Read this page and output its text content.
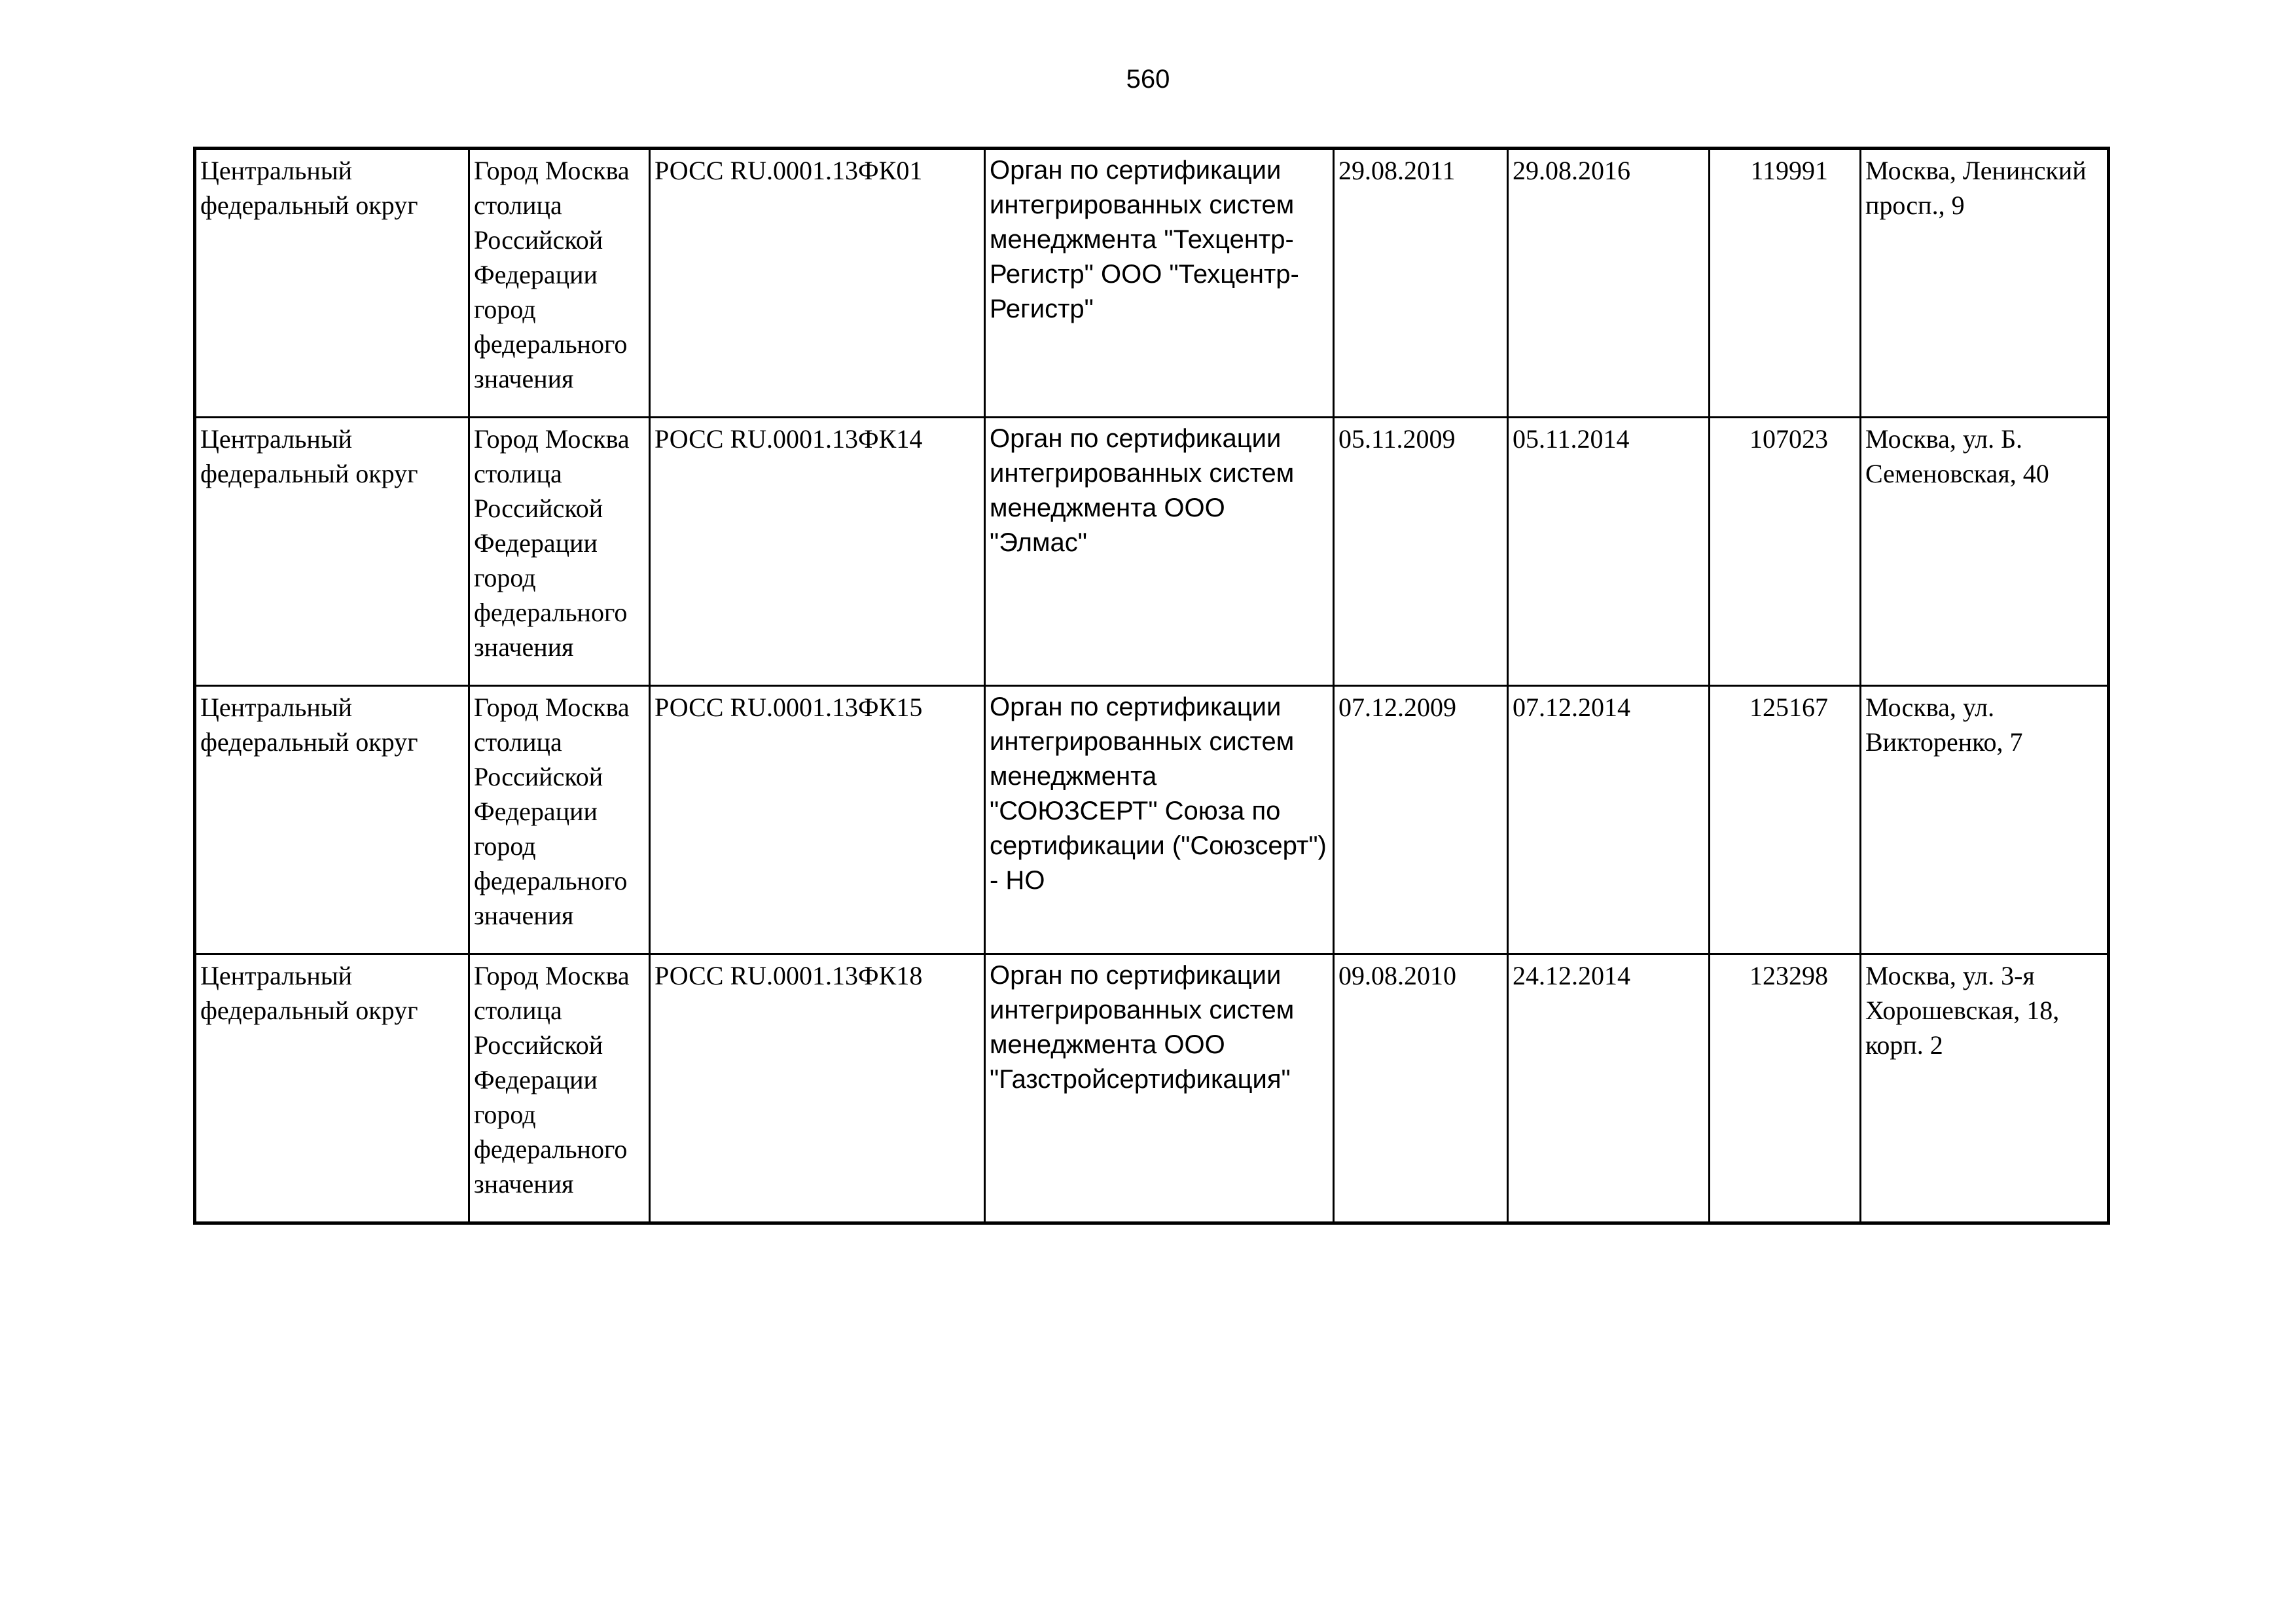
560
Центральный федеральный округ	Город Москва столица Российской Федерации город федерального значения	РОСС RU.0001.13ФК01	Орган по сертификации интегрированных систем менеджмента "Техцентр-Регистр" ООО "Техцентр-Регистр"	29.08.2011	29.08.2016	119991	Москва, Ленинский просп., 9

Центральный федеральный округ	Город Москва столица Российской Федерации город федерального значения	РОСС RU.0001.13ФК14	Орган по сертификации интегрированных систем менеджмента ООО "Элмас"	05.11.2009	05.11.2014	107023	Москва, ул. Б. Семеновская, 40

Центральный федеральный округ	Город Москва столица Российской Федерации город федерального значения	РОСС RU.0001.13ФК15	Орган по сертификации интегрированных систем менеджмента "СОЮЗСЕРТ" Союза по сертификации ("Союзсерт") - НО	07.12.2009	07.12.2014	125167	Москва, ул. Викторенко, 7

Центральный федеральный округ	Город Москва столица Российской Федерации город федерального значения	РОСС RU.0001.13ФК18	Орган по сертификации интегрированных систем менеджмента ООО "Газстройсертификация"	09.08.2010	24.12.2014	123298	Москва, ул. 3-я Хорошевская, 18, корп. 2
